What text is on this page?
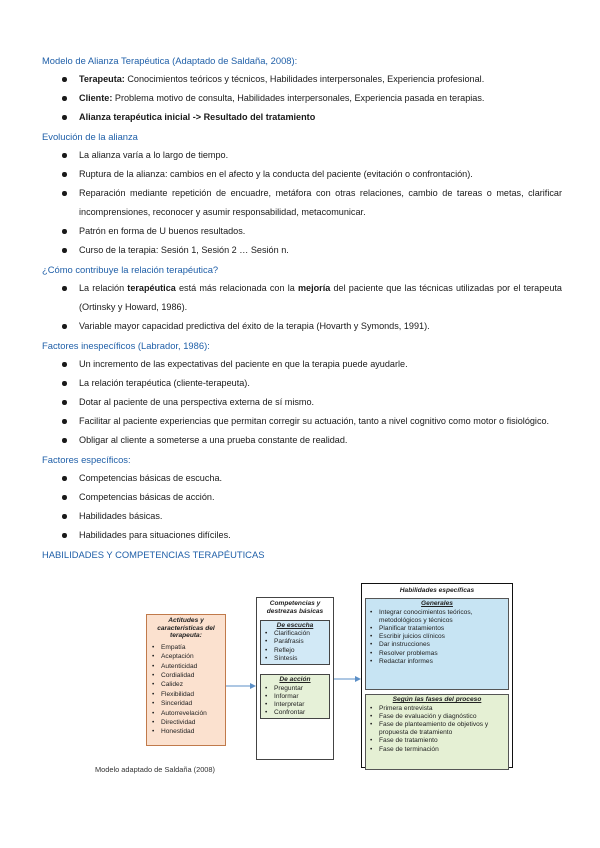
Modelo de Alianza Terapéutica (Adaptado de Saldaña, 2008):
Terapeuta: Conocimientos teóricos y técnicos, Habilidades interpersonales, Experiencia profesional.
Cliente: Problema motivo de consulta, Habilidades interpersonales, Experiencia pasada en terapias.
Alianza terapéutica inicial -> Resultado del tratamiento
Evolución de la alianza
La alianza varía a lo largo de tiempo.
Ruptura de la alianza: cambios en el afecto y la conducta del paciente (evitación o confrontación).
Reparación mediante repetición de encuadre, metáfora con otras relaciones, cambio de tareas o metas, clarificar incomprensiones, reconocer y asumir responsabilidad, metacomunicar.
Patrón en forma de U buenos resultados.
Curso de la terapia: Sesión 1, Sesión 2 … Sesión n.
¿Cómo contribuye la relación terapéutica?
La relación terapéutica está más relacionada con la mejoría del paciente que las técnicas utilizadas por el terapeuta (Ortinsky y Howard, 1986).
Variable mayor capacidad predictiva del éxito de la terapia (Hovarth y Symonds, 1991).
Factores inespecíficos (Labrador, 1986):
Un incremento de las expectativas del paciente en que la terapia puede ayudarle.
La relación terapéutica (cliente-terapeuta).
Dotar al paciente de una perspectiva externa de sí mismo.
Facilitar al paciente experiencias que permitan corregir su actuación, tanto a nivel cognitivo como motor o fisiológico.
Obligar al cliente a someterse a una prueba constante de realidad.
Factores específicos:
Competencias básicas de escucha.
Competencias básicas de acción.
Habilidades básicas.
Habilidades para situaciones difíciles.
HABILIDADES Y COMPETENCIAS TERAPÉUTICAS
Actitudes y características del terapeuta:
• Empatía
• Aceptación
• Autenticidad
• Cordialidad
• Calidez
• Flexibilidad
• Sinceridad
• Autorrevelación
• Directividad
• Honestidad
Competencias y destrezas básicas
De escucha
• Clarificación
• Paráfrasis
• Reflejo
• Síntesis
De acción
• Preguntar
• Informar
• Interpretar
• Confrontar
Habilidades específicas
Generales
• Integrar conocimientos teóricos, metodológicos y técnicos
• Planificar tratamientos
• Escribir juicios clínicos
• Dar instrucciones
• Resolver problemas
• Redactar informes
Según las fases del proceso
• Primera entrevista
• Fase de evaluación y diagnóstico
• Fase de planteamiento de objetivos y propuesta de tratamiento
• Fase de tratamiento
• Fase de terminación
Modelo adaptado de Saldaña (2008)
